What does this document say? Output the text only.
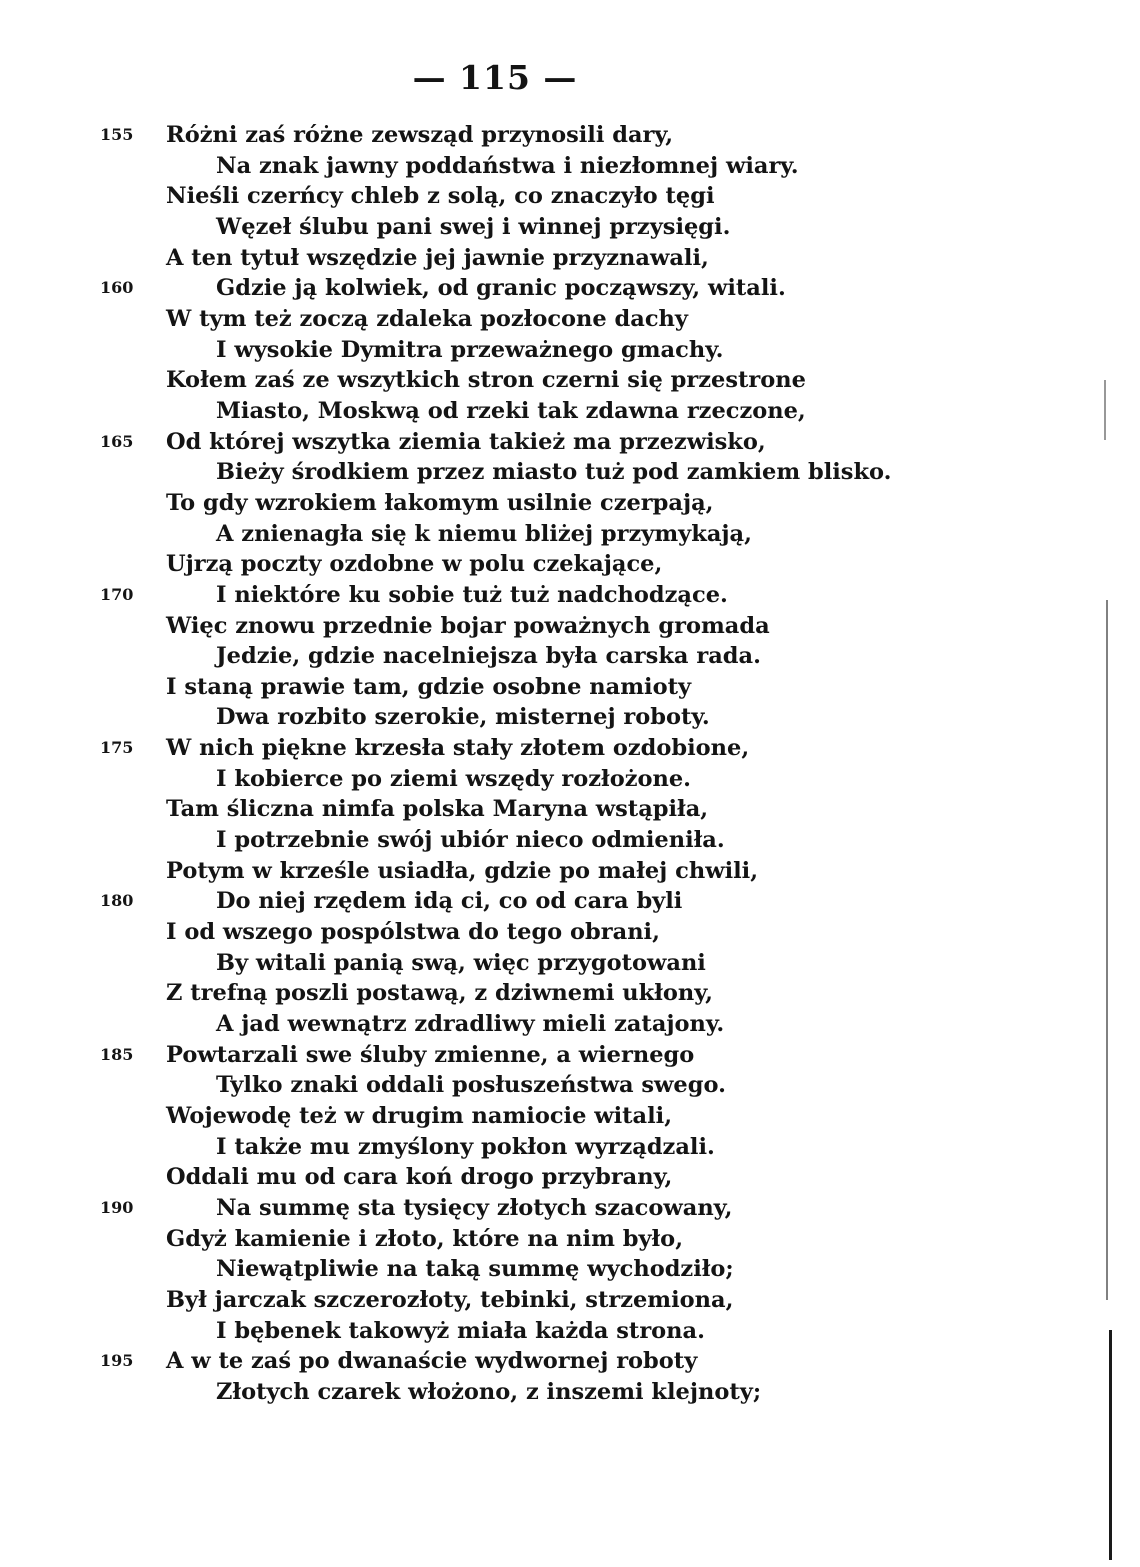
— 115 —
155 Różni zaś różne zewsząd przynosili dary,
Na znak jawny poddaństwa i niezłomnej wiary.
Nieśli czerńcy chleb z solą, co znaczyło tęgi
Węzeł ślubu pani swej i winnej przysięgi.
A ten tytuł wszędzie jej jawnie przyznawali,
160	Gdzie ją kolwiek, od granic począwszy, witali.
W tym też zoczą zdaleka pozłocone dachy
I wysokie Dymitra przeważnego gmachy.
Kołem zaś ze wszytkich stron czerni się przestrone
Miasto, Moskwą od rzeki tak zdawna rzeczone,
165 Od której wszytka ziemia takież ma przezwisko,
Bieży środkiem przez miasto tuż pod zamkiem blisko.
To gdy wzrokiem łakomym usilnie czerpają,
A znienagła się k niemu bliżej przymykają,
Ujrzą poczty ozdobne w polu czekające,
170	I niektóre ku sobie tuż tuż nadchodzące.
Więc znowu przednie bojar poważnych gromada
Jedzie, gdzie nacelniejsza była carska rada.
I staną prawie tam, gdzie osobne namioty
Dwa rozbito szerokie, misternej roboty.
175 W nich piękne krzesła stały złotem ozdobione,
I kobierce po ziemi wszędy rozłożone.
Tam śliczna nimfa polska Maryna wstąpiła,
I potrzebnie swój ubiór nieco odmieniła.
Potym w krześle usiadła, gdzie po małej chwili,
180	Do niej rzędem idą ci, co od cara byli
I od wszego pospólstwa do tego obrani,
By witali panią swą, więc przygotowani
Z trefną poszli postawą, z dziwnemi ukłony,
A jad wewnątrz zdradliwy mieli zatajony.
185 Powtarzali swe śluby zmienne, a wiernego
Tylko znaki oddali posłuszeństwa swego.
Wojewodę też w drugim namiocie witali,
I także mu zmyślony pokłon wyrządzali.
Oddali mu od cara koń drogo przybrany,
190	Na summę sta tysięcy złotych szacowany,
Gdyż kamienie i złoto, które na nim było,
Niewątpliwie na taką summę wychodziło;
Był jarczak szczerozłoty, tebinki, strzemiona,
I bębenek takowyż miała każda strona.
195 A w te zaś po dwanaście wydwornej roboty
Złotych czarek włożono, z inszemi klejnoty;
